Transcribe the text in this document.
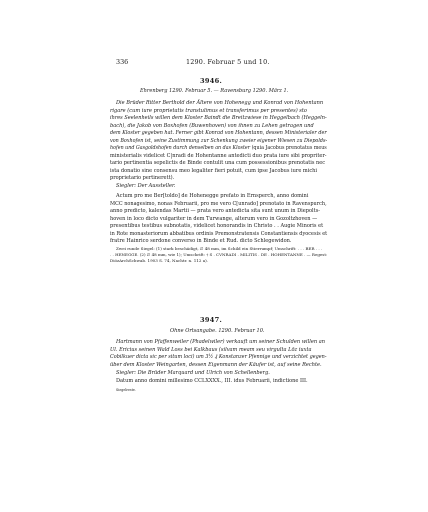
336	1290. Februar 5 und 10.
3946.
Ehrenberg 1290. Februar 5. — Ravensburg 1290. März 1.
Die Brüder Ritter Berthold der Ältere von Hohenegg und Konrad von Hohentann
rigare (cum iure proprietatis transtulimus et transferimus per presentes) sto
ihres Seelenheils willen dem Kloster Baindt die Breitzwiese in Heggelbach (Heggeln-
bach), die Jakob von Boxhofen (Buwenhoven) von ihnen zu Lehen getragen und
dem Kloster gegeben hat. Ferner gibt Konrad von Hohentann, dessen Ministerialer der
von Boxhofen ist, seine Zustimmung zur Schenkung zweier eigener Wiesen zu Diepolds-
hofen und Gasgoldshofen durch denselben an das Kloster (quia Jacobus prenotatus meus
ministerialis videlicet C|nradi de Hohentanne antedicti duo prata iure sibi propriter-
tario pertinentia sepelictis de Binde contulit una cum possessionibus prenotatis nec
ista donatio sine consensu meo legaliter fieri potuit, cum ipse Jacobus iure michi
proprietario pertinerett).
Siegler: Der Aussteller.
Actum pro me Ber[toldo] de Hohenegge prefato in Ernsperch, anno domini
MCC nonagesimo, nonas Februarii, pro me vero C[unrado] prenotato in Ravenspurch,
anno predicto, kalendas Martii — prata vero antedicta sita sunt unum in Diepolts-
hoven in loco dicto vulgariter in dem Turwange, alterum vero in Gozoltzhoven —
presentibus testibus subnotatis, videlicet honorandis in Christo . . Augie Minoris et
in Rote monasteriorum abbatibus ordinis Premonstratensis Constantiensis dyocesis et
fratre Hainrico serdone converso in Binde et Rud. dicto Schlegewidon.
Zwei runde Siegel: (1) stark beschädigt, ∅ 48 mm, im Schild ein Stierrumpf; Umschrift: . . . BER . . .
. . HENEGGE. (2) ∅ 48 mm, wie 1); Umschrift: † S . CVNRADI . MILITIS . DE . HOHENTANNE . — Regest:
DiözArchSchwab. 1903 S. 74, Nachtr. n. 112 a).
3947.
Ohne Ortsangabe. 1290. Februar 10.
Hartmann von Pfaffenweiler (Phadelwiler) verkauft um seiner Schulden willen an
Ul. Ericius seinen Wald Loss bei Kalkbaus (silvam meam seu virgulta Lōz iuxta
Cobilkuer dicta sic per situm loci) um 3½ ₰ Konstanzer Pfennige und verzichtet gegen-
über dem Kloster Weingarten, dessen Eigenmann der Käufer ist, auf seine Rechte.
Siegler: Die Brüder Marquard und Ulrich von Schellenberg.
Datum anno domini millesimo CCLXXXX., III. idus Februarii, indictione III.
Siegelreste.
